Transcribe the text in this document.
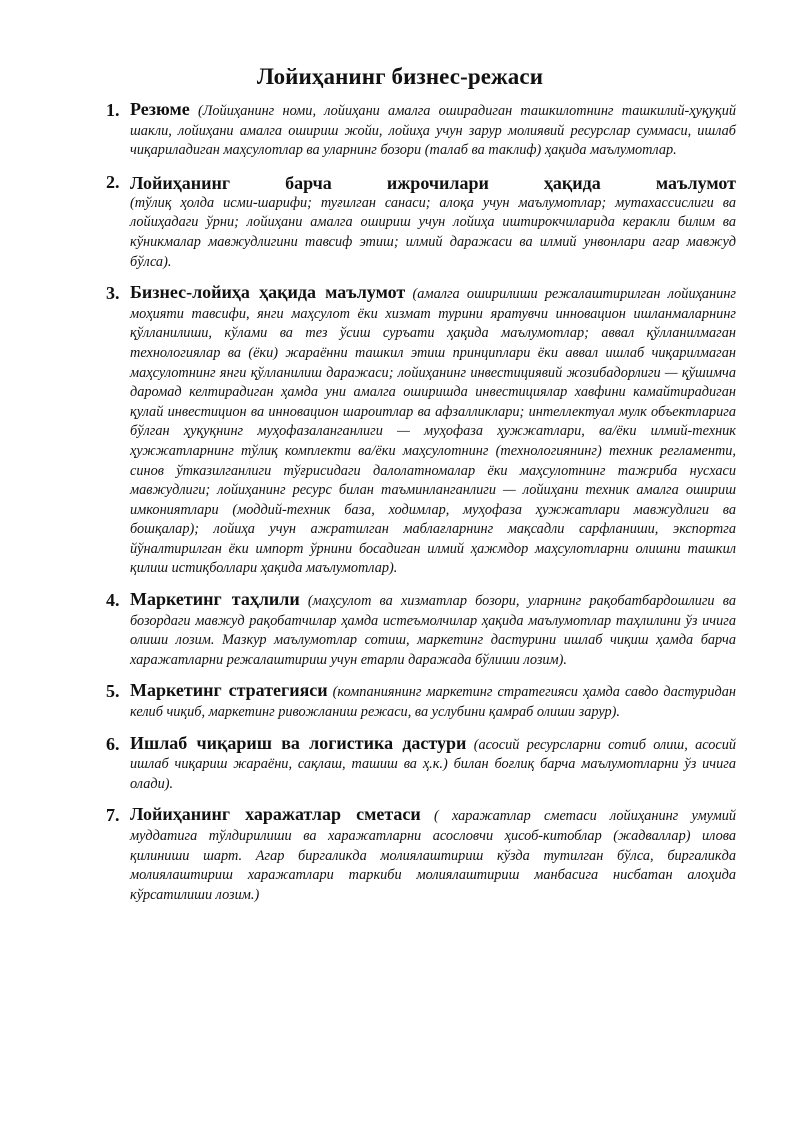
Лойиҳанинг бизнес-режаси
1. Резюме (Лойиҳанинг номи, лойиҳани амалга оширадиган ташкилотнинг ташкилий-ҳуқуқий шакли, лойиҳани амалга ошириш жойи, лойиҳа учун зарур молиявий ресурслар суммаси, ишлаб чиқариладиган маҳсулотлар ва уларнинг бозори (талаб ва таклиф) ҳақида маълумотлар.

2. Лойиҳанинг барча ижрочилари ҳақида маълумот
(тўлиқ ҳолда исми-шарифи; туғилган санаси; алоқа учун маълумотлар; мутахассислиги ва лойиҳадаги ўрни; лойиҳани амалга ошириш учун лойиҳа иштирокчиларида керакли билим ва кўникмалар мавжудлигини тавсиф этиш; илмий даражаси ва илмий унвонлари агар мавжуд бўлса).

3. Бизнес-лойиҳа ҳақида маълумот (амалга оширилиши режалаштирилган лойиҳанинг моҳияти тавсифи, янги маҳсулот ёки хизмат турини яратувчи инновацион ишланмаларнинг қўлланилиши, кўлами ва тез ўсиш суръати ҳақида маълумотлар; аввал қўлланилмаган технологиялар ва (ёки) жараённи ташкил этиш принциплари ёки аввал ишлаб чиқарилмаган маҳсулотнинг янги қўлланилиш даражаси; лойиҳанинг инвестициявий жозибадорлиги — қўшимча даромад келтирадиган ҳамда уни амалга оширишда инвестициялар хавфини камайтирадиган қулай инвестицион ва инновацион шароитлар ва афзалликлари; интеллектуал мулк объектларига бўлган ҳуқуқнинг муҳофазаланганлиги — муҳофаза ҳужжатлари, ва/ёки илмий-техник ҳужжатларнинг тўлиқ комплекти ва/ёки маҳсулотнинг (технологиянинг) техник регламенти, синов ўтказилганлиги тўғрисидаги далолатномалар ёки маҳсулотнинг тажриба нусхаси мавжудлиги; лойиҳанинг ресурс билан таъминланганлиги — лойиҳани техник амалга ошириш имкониятлари (моддий-техник база, ходимлар, муҳофаза ҳужжатлари мавжудлиги ва бошқалар); лойиҳа учун ажратилган маблағларнинг мақсадли сарфланиши, экспортга йўналтирилган ёки импорт ўрнини босадиган илмий ҳажмдор маҳсулотларни олишни ташкил қилиш истиқболлари ҳақида маълумотлар).

4. Маркетинг таҳлили (маҳсулот ва хизматлар бозори, уларнинг рақобатбардошлиги ва бозордаги мавжуд рақобатчилар ҳамда истеъмолчилар ҳақида маълумотлар таҳлилини ўз ичига олиши лозим. Мазкур маълумотлар сотиш, маркетинг дастурини ишлаб чиқиш ҳамда барча харажатларни режалаштириш учун етарли даражада бўлиши лозим).

5. Маркетинг стратегияси (компаниянинг маркетинг стратегияси ҳамда савдо дастуридан келиб чиқиб, маркетинг ривожланиш режаси, ва услубини қамраб олиши зарур).

6. Ишлаб чиқариш ва логистика дастури (асосий ресурсларни сотиб олиш, асосий ишлаб чиқариш жараёни, сақлаш, ташиш ва ҳ.к.) билан боғлиқ барча маълумотларни ўз ичига олади).

7. Лойиҳанинг харажатлар сметаси ( харажатлар сметаси лойиҳанинг умумий муддатига тўлдирилиши ва харажатларни асословчи ҳисоб-китоблар (жадваллар) илова қилиниши шарт. Агар биргаликда молиялаштириш кўзда тутилган бўлса, биргаликда молиялаштириш харажатлари таркиби молиялаштириш манбасига нисбатан алоҳида кўрсатилиши лозим.)
